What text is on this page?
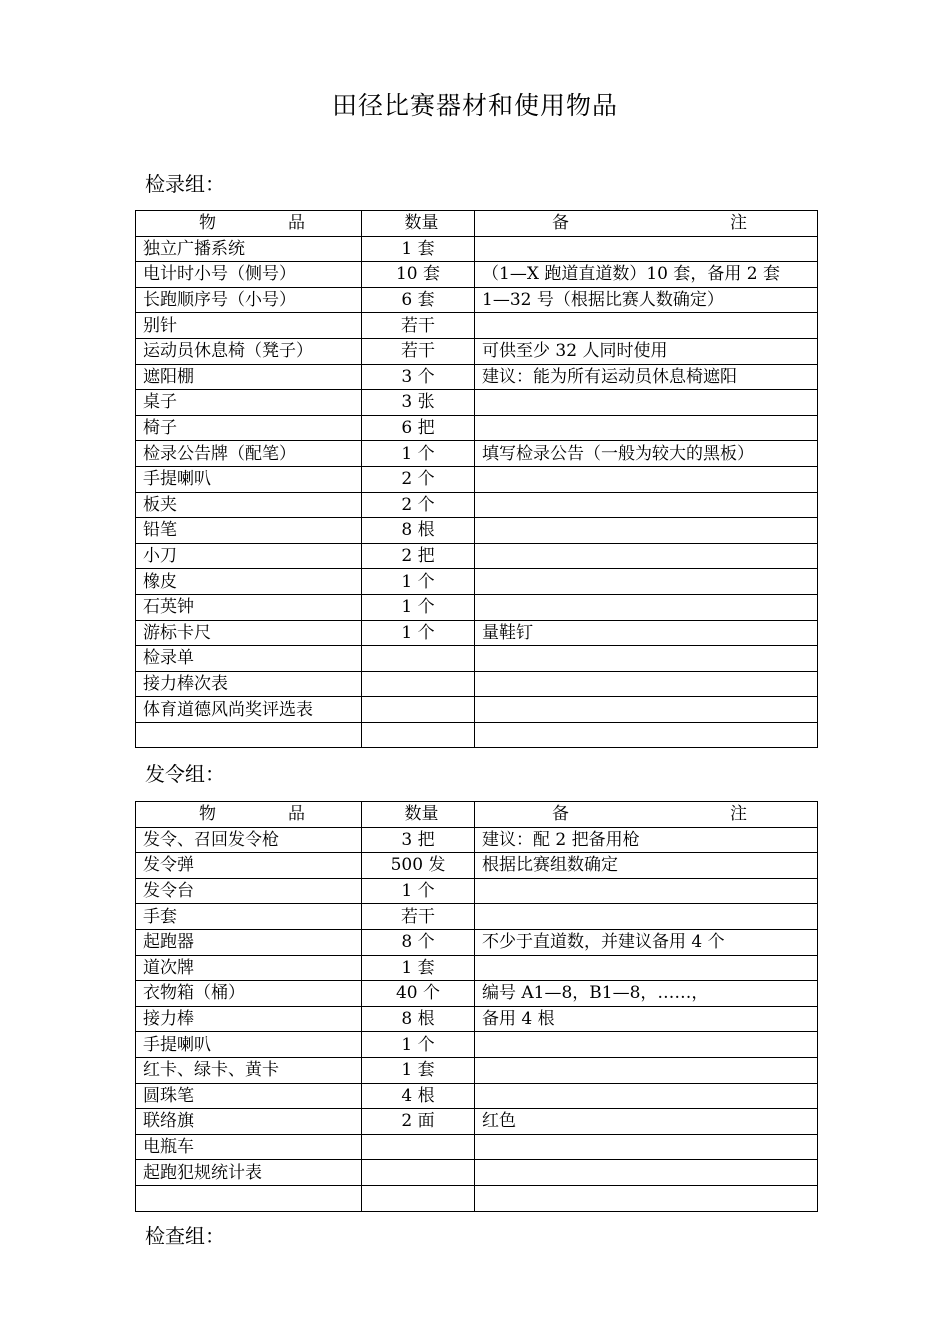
田径比赛器材和使用物品
检录组：
物 品	数量	备 注

独立广播系统	1 套	
电计时小号（侧号）	10 套	（1—X 跑道直道数）10 套，备用 2 套
长跑顺序号（小号）	6 套	1—32 号（根据比赛人数确定）
别针	若干	
运动员休息椅（凳子）	若干	可供至少 32 人同时使用
遮阳棚	3 个	建议：能为所有运动员休息椅遮阳
桌子	3 张	
椅子	6 把	
检录公告牌（配笔）	1 个	填写检录公告（一般为较大的黑板）
手提喇叭	2 个	
板夹	2 个	
铅笔	8 根	
小刀	2 把	
橡皮	1 个	
石英钟	1 个	
游标卡尺	1 个	量鞋钉
检录单		
接力棒次表		
体育道德风尚奖评选表		

发令组：
物 品	数量	备 注

发令、召回发令枪	3 把	建议：配 2 把备用枪
发令弹	500 发	根据比赛组数确定
发令台	1 个	
手套	若干	
起跑器	8 个	不少于直道数，并建议备用 4 个
道次牌	1 套	
衣物箱（桶）	40 个	编号 A1—8，B1—8，……，
接力棒	8 根	备用 4 根
手提喇叭	1 个	
红卡、绿卡、黄卡	1 套	
圆珠笔	4 根	
联络旗	2 面	红色
电瓶车		
起跑犯规统计表		

检查组：
